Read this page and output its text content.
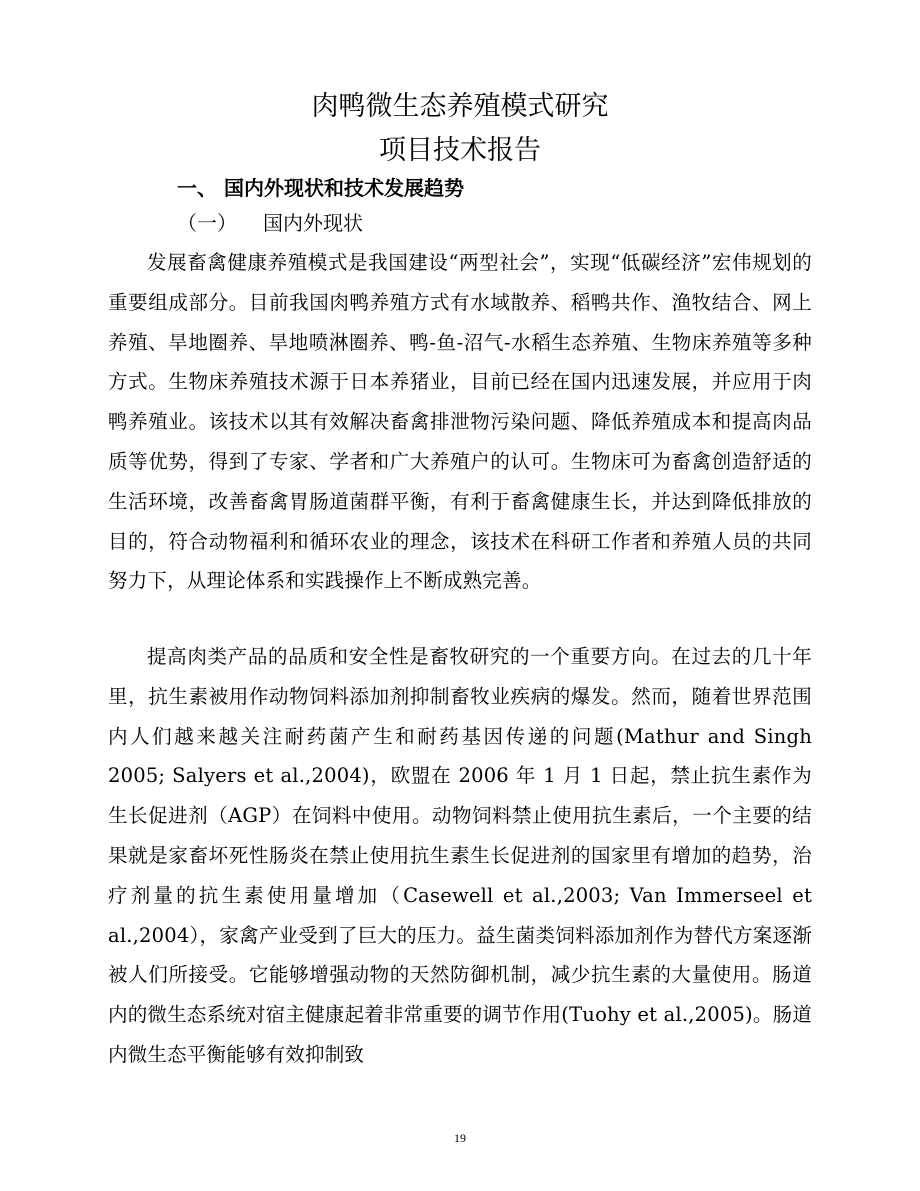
肉鸭微生态养殖模式研究
项目技术报告
一、 国内外现状和技术发展趋势
（一） 国内外现状

发展畜禽健康养殖模式是我国建设“两型社会”，实现“低碳经济”宏伟规划的重要组成部分。目前我国肉鸭养殖方式有水域散养、稻鸭共作、渔牧结合、网上养殖、旱地圈养、旱地喷淋圈养、鸭-鱼-沼气-水稻生态养殖、生物床养殖等多种方式。生物床养殖技术源于日本养猪业，目前已经在国内迅速发展，并应用于肉鸭养殖业。该技术以其有效解决畜禽排泄物污染问题、降低养殖成本和提高肉品质等优势，得到了专家、学者和广大养殖户的认可。生物床可为畜禽创造舒适的生活环境，改善畜禽胃肠道菌群平衡，有利于畜禽健康生长，并达到降低排放的目的，符合动物福利和循环农业的理念，该技术在科研工作者和养殖人员的共同努力下，从理论体系和实践操作上不断成熟完善。

提高肉类产品的品质和安全性是畜牧研究的一个重要方向。在过去的几十年里，抗生素被用作动物饲料添加剂抑制畜牧业疾病的爆发。然而，随着世界范围内人们越来越关注耐药菌产生和耐药基因传递的问题(Mathur and Singh 2005; Salyers et al.,2004)，欧盟在 2006 年 1 月 1 日起，禁止抗生素作为生长促进剂（AGP）在饲料中使用。动物饲料禁止使用抗生素后，一个主要的结果就是家畜坏死性肠炎在禁止使用抗生素生长促进剂的国家里有增加的趋势，治疗剂量的抗生素使用量增加（Casewell et al.,2003; Van Immerseel et al.,2004），家禽产业受到了巨大的压力。益生菌类饲料添加剂作为替代方案逐渐被人们所接受。它能够增强动物的天然防御机制，减少抗生素的大量使用。肠道内的微生态系统对宿主健康起着非常重要的调节作用(Tuohy et al.,2005)。肠道内微生态平衡能够有效抑制致

19
